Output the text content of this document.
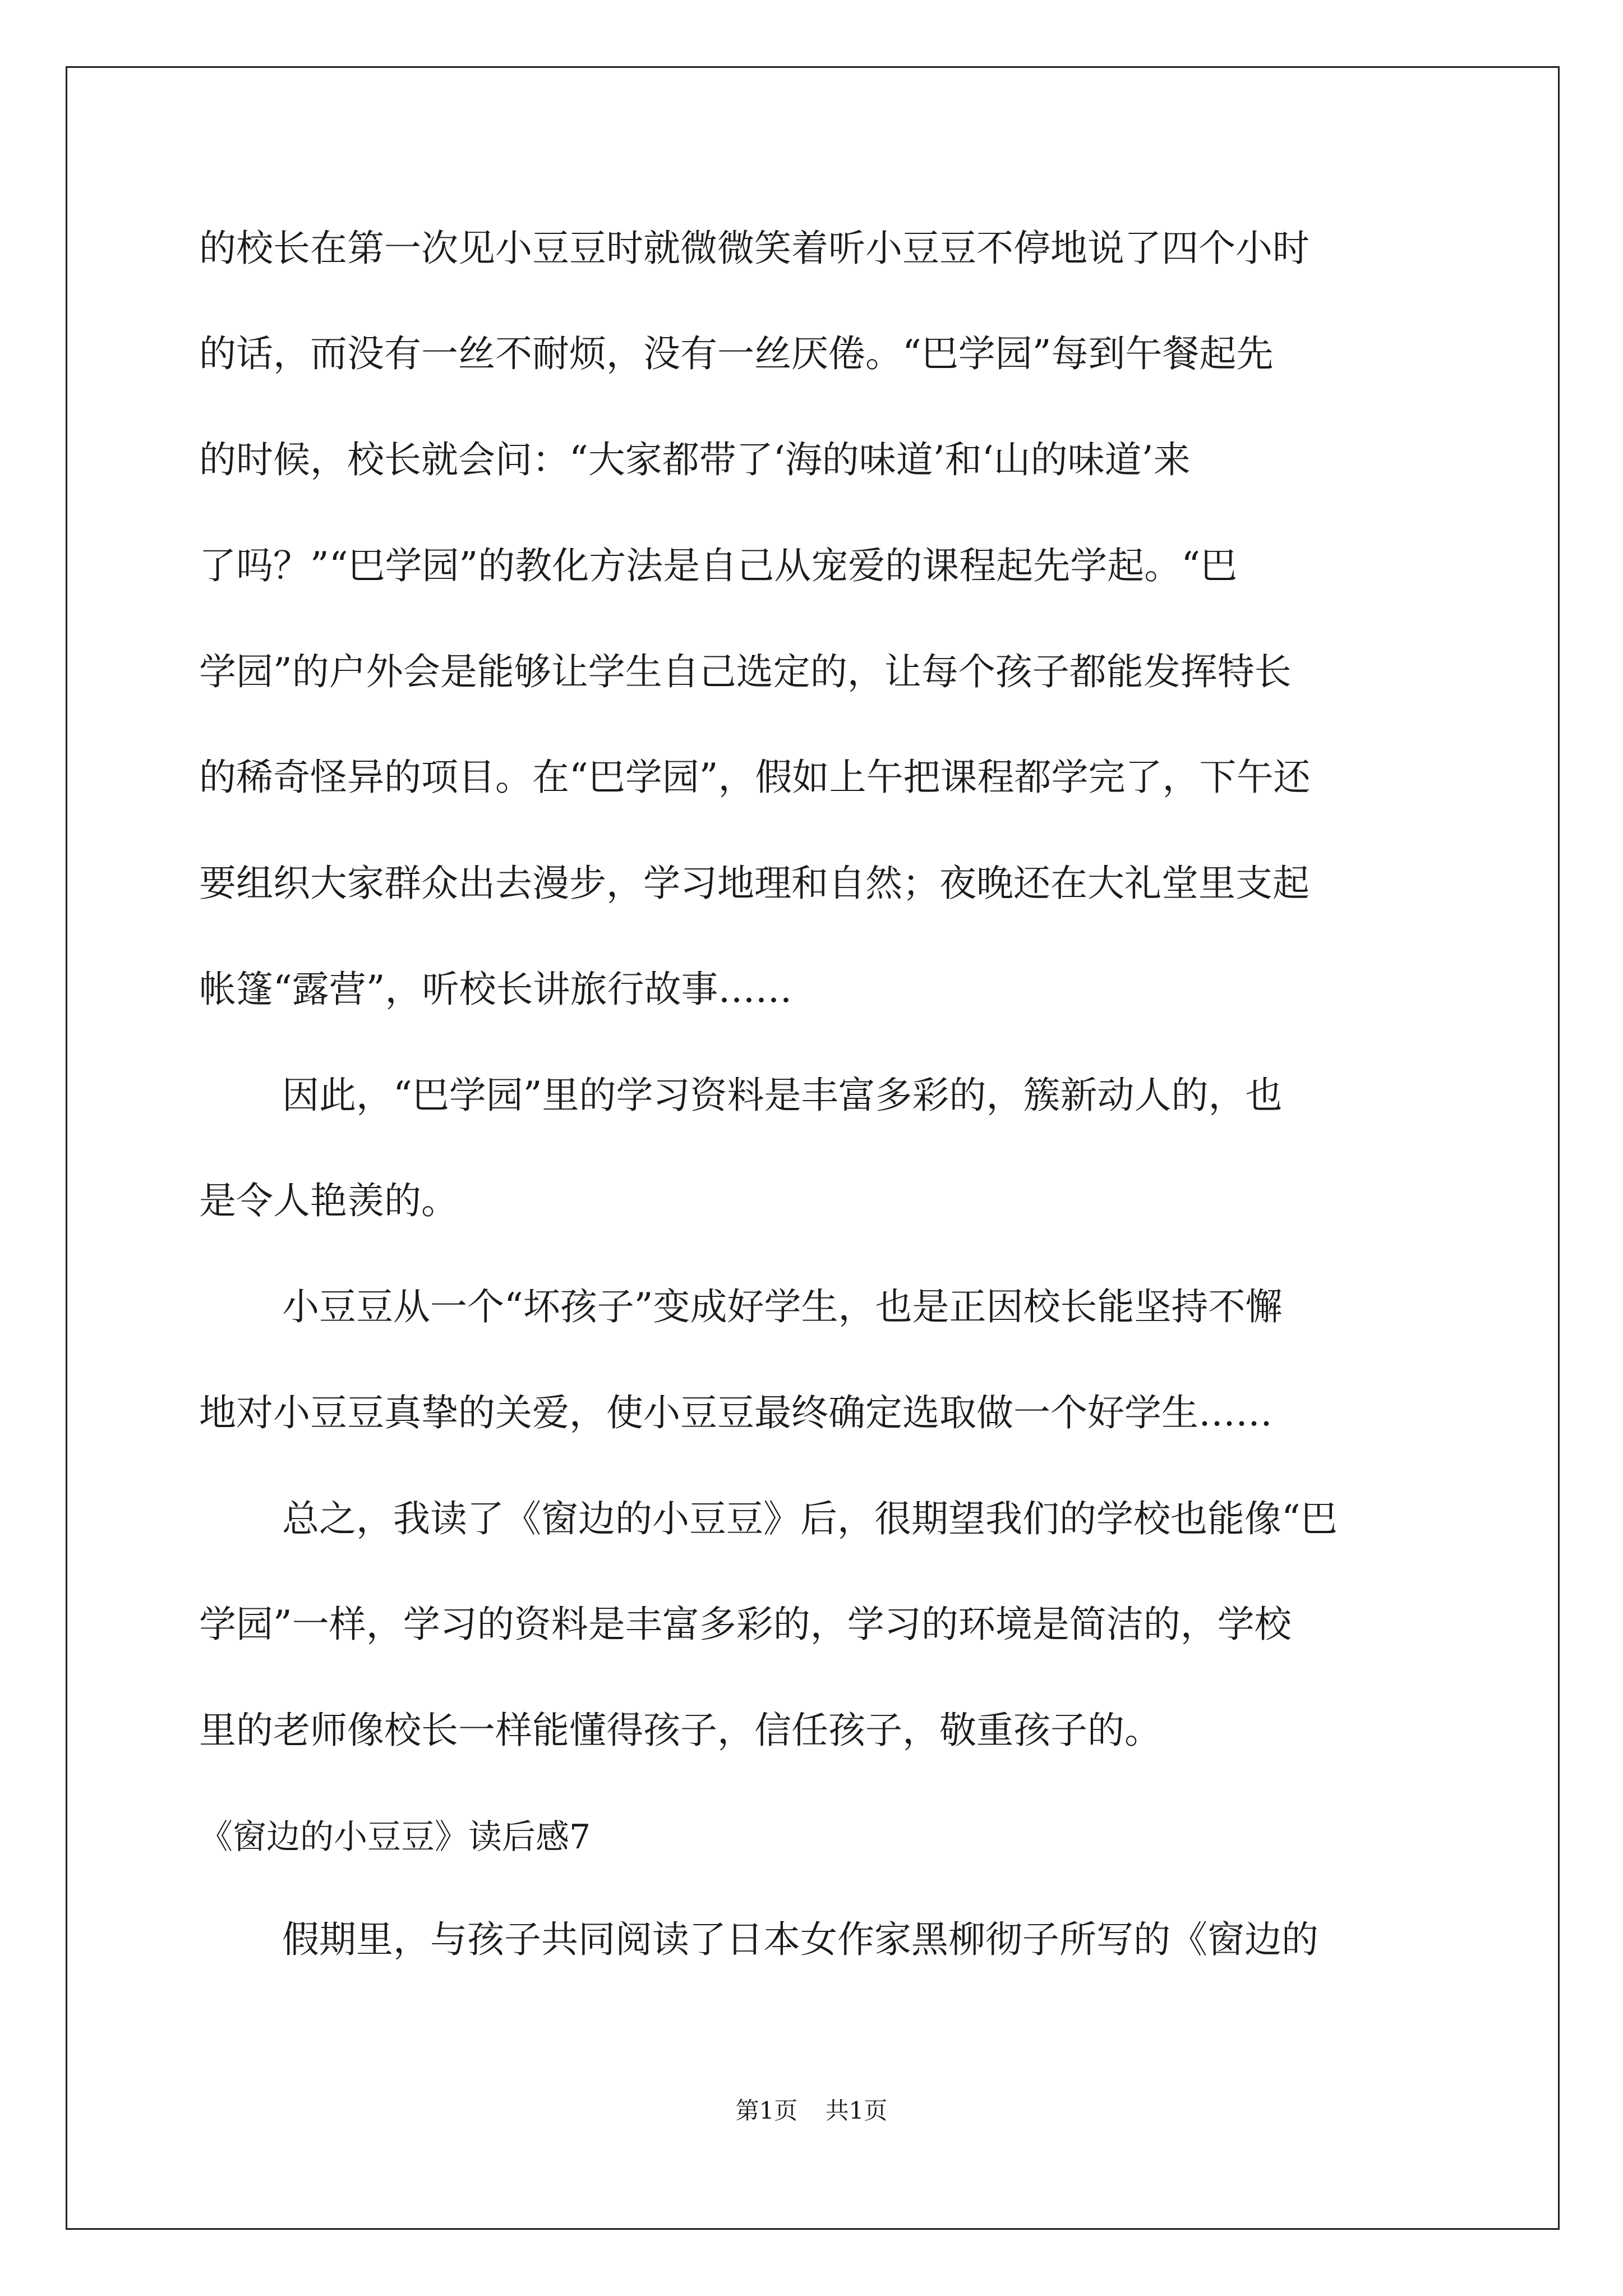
的校长在第一次见小豆豆时就微微笑着听小豆豆不停地说了四个小时
的话，而没有一丝不耐烦，没有一丝厌倦。“巴学园”每到午餐起先
的时候，校长就会问：“大家都带了‘海的味道’和‘山的味道’来
了吗？”“巴学园”的教化方法是自己从宠爱的课程起先学起。“巴
学园”的户外会是能够让学生自己选定的，让每个孩子都能发挥特长
的稀奇怪异的项目。在“巴学园”，假如上午把课程都学完了，下午还
要组织大家群众出去漫步，学习地理和自然；夜晚还在大礼堂里支起
帐篷“露营”，听校长讲旅行故事……
因此，“巴学园”里的学习资料是丰富多彩的，簇新动人的，也
是令人艳羡的。
小豆豆从一个“坏孩子”变成好学生，也是正因校长能坚持不懈
地对小豆豆真挚的关爱，使小豆豆最终确定选取做一个好学生……
总之，我读了《窗边的小豆豆》后，很期望我们的学校也能像“巴
学园”一样，学习的资料是丰富多彩的，学习的环境是简洁的，学校
里的老师像校长一样能懂得孩子，信任孩子，敬重孩子的。
《窗边的小豆豆》读后感7
假期里，与孩子共同阅读了日本女作家黑柳彻子所写的《窗边的
第1页 共1页
